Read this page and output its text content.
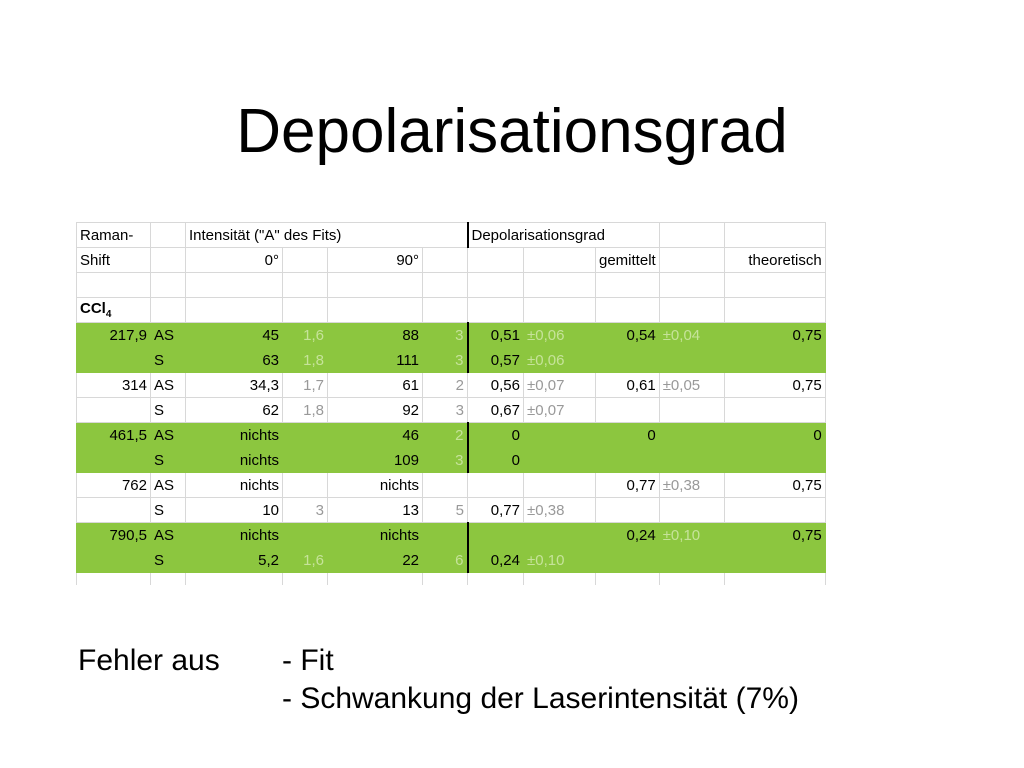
Depolarisationsgrad
Raman-		Intensität ("A" des Fits)				Depolarisationsgrad				
Shift		0°		90°				gemittelt		theoretisch

CCl$_4$										
217,9	AS	45	1,6	88	3	0,51	±0,06	0,54	±0,04	0,75
	S	63	1,8	111	3	0,57	±0,06			
314	AS	34,3	1,7	61	2	0,56	±0,07	0,61	±0,05	0,75
	S	62	1,8	92	3	0,67	±0,07			
461,5	AS	nichts		46	2	0		0		0
	S	nichts		109	3	0				
762	AS	nichts		nichts				0,77	±0,38	0,75
	S	10	3	13	5	0,77	±0,38			
790,5	AS	nichts		nichts				0,24	±0,10	0,75
	S	5,2	1,6	22	6	0,24	±0,10			

Fehler aus - Fit
- Schwankung der Laserintensität (7%)
